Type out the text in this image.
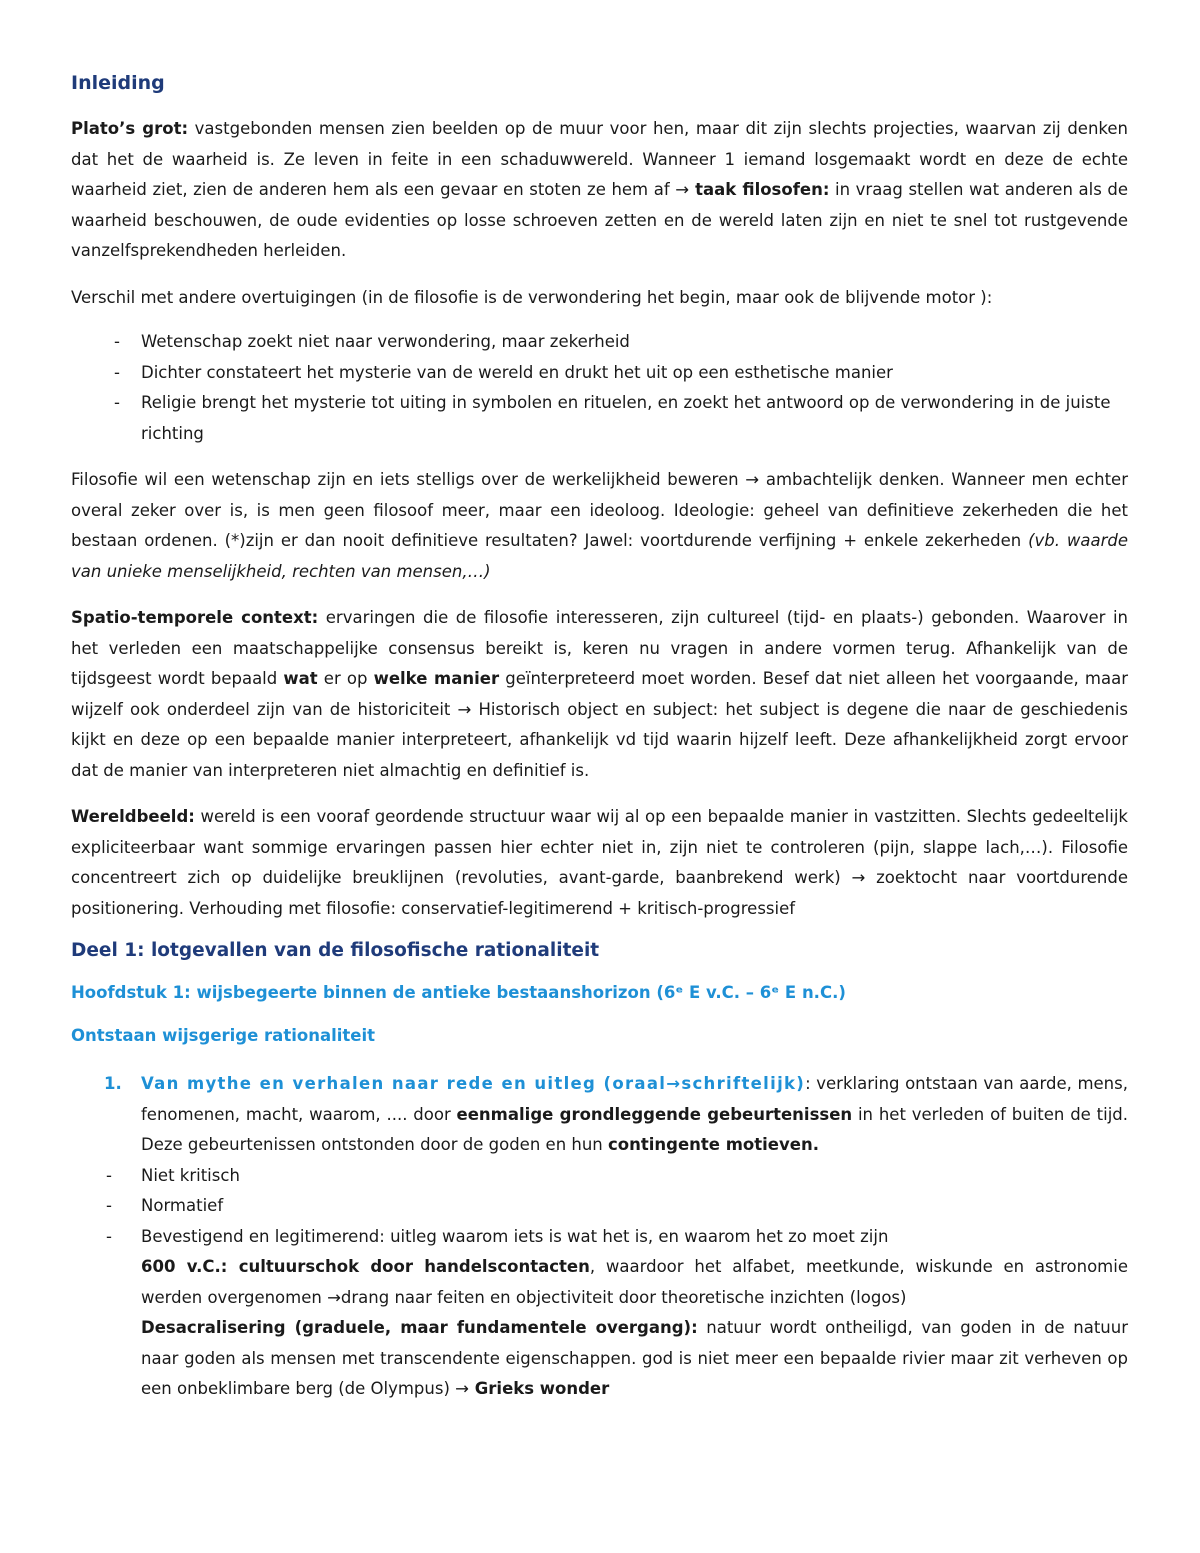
Inleiding

Plato’s grot: vastgebonden mensen zien beelden op de muur voor hen, maar dit zijn slechts projecties, waarvan zij denken dat het de waarheid is. Ze leven in feite in een schaduwwereld. Wanneer 1 iemand losgemaakt wordt en deze de echte waarheid ziet, zien de anderen hem als een gevaar en stoten ze hem af → taak filosofen: in vraag stellen wat anderen als de waarheid beschouwen, de oude evidenties op losse schroeven zetten en de wereld laten zijn en niet te snel tot rustgevende vanzelfsprekendheden herleiden.

Verschil met andere overtuigingen (in de filosofie is de verwondering het begin, maar ook de blijvende motor ):

- Wetenschap zoekt niet naar verwondering, maar zekerheid
- Dichter constateert het mysterie van de wereld en drukt het uit op een esthetische manier
- Religie brengt het mysterie tot uiting in symbolen en rituelen, en zoekt het antwoord op de verwondering in de juiste richting

Filosofie wil een wetenschap zijn en iets stelligs over de werkelijkheid beweren → ambachtelijk denken. Wanneer men echter overal zeker over is, is men geen filosoof meer, maar een ideoloog. Ideologie: geheel van definitieve zekerheden die het bestaan ordenen. (*)zijn er dan nooit definitieve resultaten? Jawel: voortdurende verfijning + enkele zekerheden (vb. waarde van unieke menselijkheid, rechten van mensen,…)

Spatio-temporele context: ervaringen die de filosofie interesseren, zijn cultureel (tijd- en plaats-) gebonden. Waarover in het verleden een maatschappelijke consensus bereikt is, keren nu vragen in andere vormen terug. Afhankelijk van de tijdsgeest wordt bepaald wat er op welke manier geïnterpreteerd moet worden. Besef dat niet alleen het voorgaande, maar wijzelf ook onderdeel zijn van de historiciteit → Historisch object en subject: het subject is degene die naar de geschiedenis kijkt en deze op een bepaalde manier interpreteert, afhankelijk vd tijd waarin hijzelf leeft. Deze afhankelijkheid zorgt ervoor dat de manier van interpreteren niet almachtig en definitief is.

Wereldbeeld: wereld is een vooraf geordende structuur waar wij al op een bepaalde manier in vastzitten. Slechts gedeeltelijk expliciteerbaar want sommige ervaringen passen hier echter niet in, zijn niet te controleren (pijn, slappe lach,…). Filosofie concentreert zich op duidelijke breuklijnen (revoluties, avant-garde, baanbrekend werk) → zoektocht naar voortdurende positionering. Verhouding met filosofie: conservatief-legitimerend + kritisch-progressief

Deel 1: lotgevallen van de filosofische rationaliteit
Hoofdstuk 1: wijsbegeerte binnen de antieke bestaanshorizon (6ᵉ E v.C. – 6ᵉ E n.C.)
Ontstaan wijsgerige rationaliteit
1. Van mythe en verhalen naar rede en uitleg (oraal→schriftelijk): verklaring ontstaan van aarde, mens, fenomenen, macht, waarom, .... door eenmalige grondleggende gebeurtenissen in het verleden of buiten de tijd. Deze gebeurtenissen ontstonden door de goden en hun contingente motieven.
- Niet kritisch
- Normatief
- Bevestigend en legitimerend: uitleg waarom iets is wat het is, en waarom het zo moet zijn
600 v.C.: cultuurschok door handelscontacten, waardoor het alfabet, meetkunde, wiskunde en astronomie werden overgenomen →drang naar feiten en objectiviteit door theoretische inzichten (logos)
Desacralisering (graduele, maar fundamentele overgang): natuur wordt ontheiligd, van goden in de natuur naar goden als mensen met transcendente eigenschappen. god is niet meer een bepaalde rivier maar zit verheven op een onbeklimbare berg (de Olympus) → Grieks wonder
